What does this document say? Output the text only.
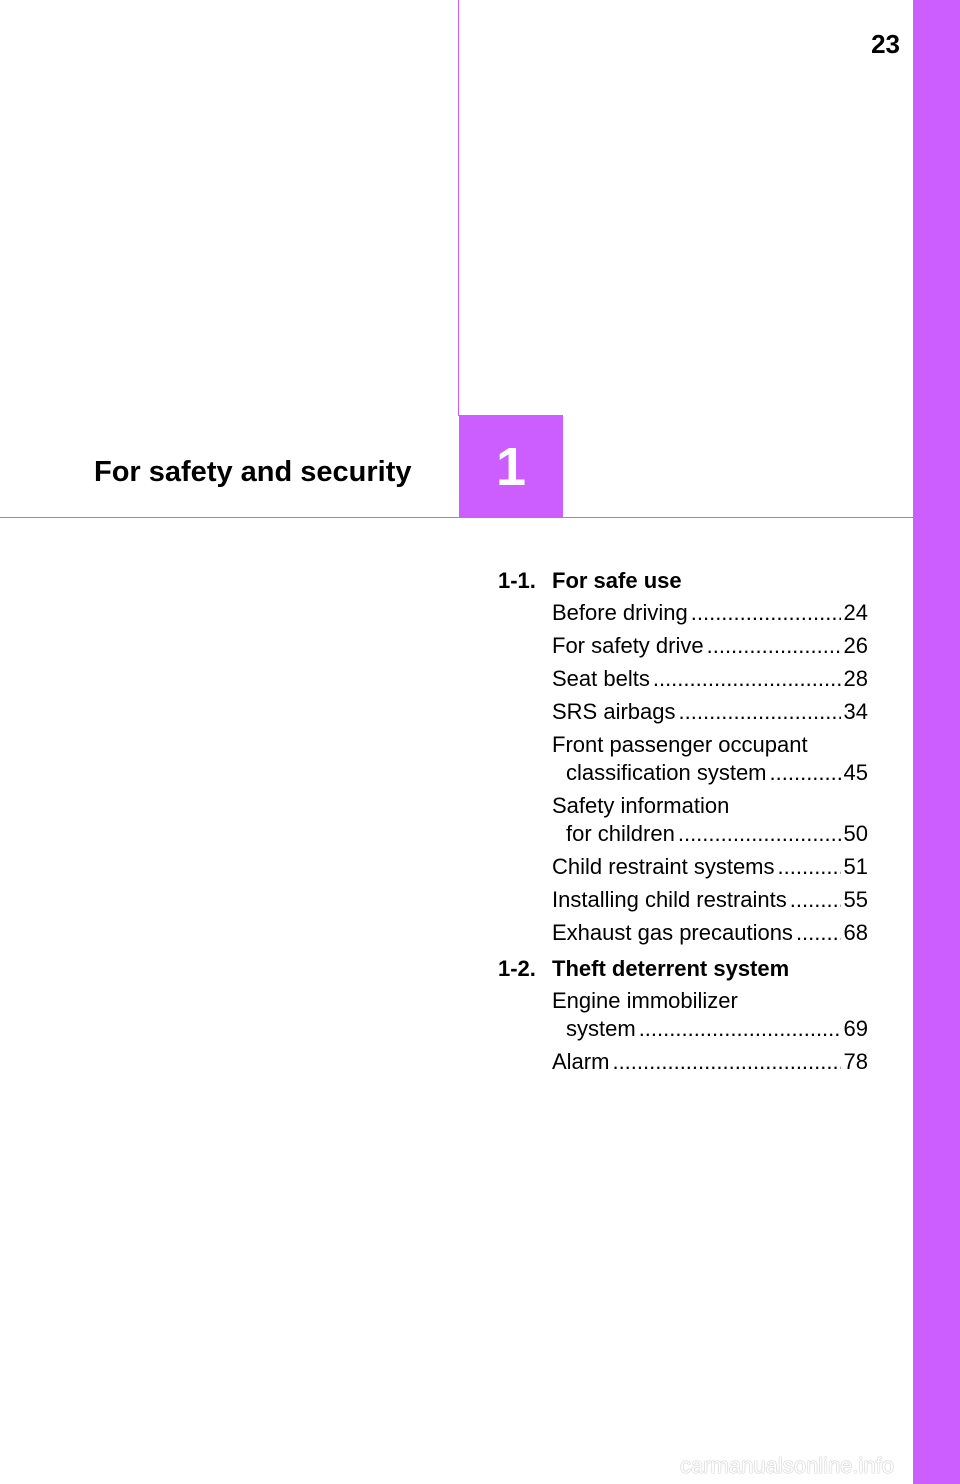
23
For safety and security	1
1-1. For safe use
Before driving .....	24
For safety drive .....	26
Seat belts .....	28
SRS airbags .....	34
Front passenger occupant
classification system .....	45
Safety information
for children .....	50
Child restraint systems .....	51
Installing child restraints .....	55
Exhaust gas precautions ..... 68
1-2. Theft deterrent system
Engine immobilizer
system .....	69
Alarm .....	78
carmanualsonline.info
